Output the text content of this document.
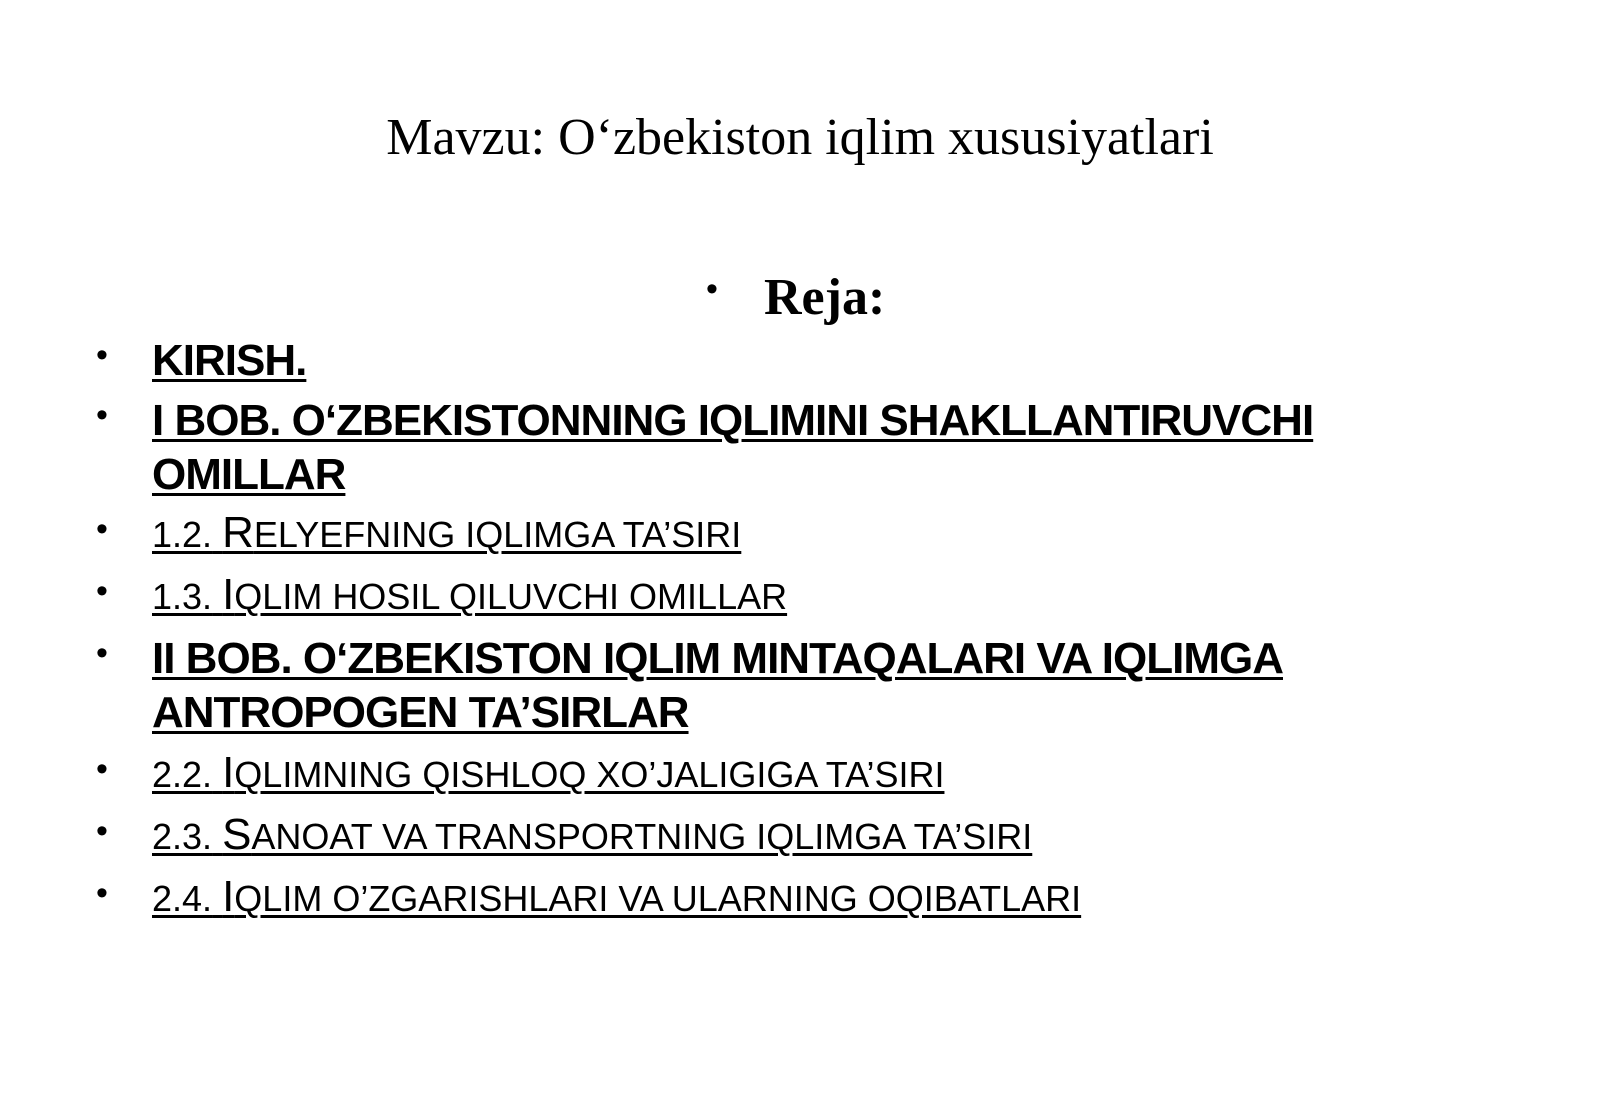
Mavzu: O‘zbekiston iqlim xususiyatlari
• Reja:
• KIRISH.
• I BOB. O‘ZBEKISTONNING IQLIMINI SHAKLLANTIRUVCHI OMILLAR
• 1.2. RELYEFNING IQLIMGA TA’SIRI
• 1.3. IQLIM HOSIL QILUVCHI OMILLAR
• II BOB. O‘ZBEKISTON IQLIM MINTAQALARI VA IQLIMGA ANTROPOGEN TA’SIRLAR
• 2.2. IQLIMNING QISHLOQ XO’JALIGIGA TA’SIRI
• 2.3. SANOAT VA TRANSPORTNING IQLIMGA TA’SIRI
• 2.4. IQLIM O’ZGARISHLARI VA ULARNING OQIBATLARI
